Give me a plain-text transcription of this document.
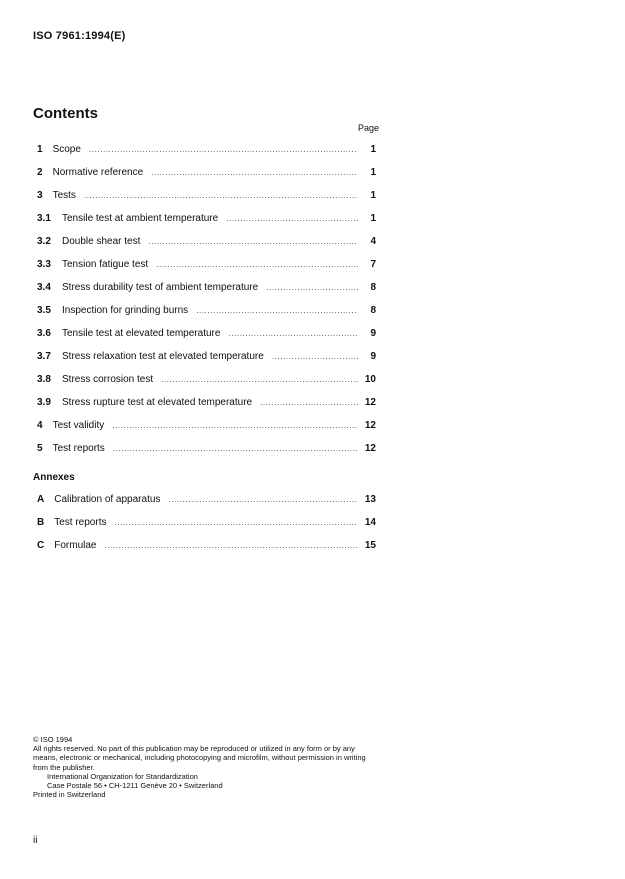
ISO 7961:1994(E)
Contents
Page
1	Scope .....	1
2	Normative reference .....	1
3	Tests .....	1
3.1	Tensile test at ambient temperature .....	1
3.2	Double shear test .....	4
3.3	Tension fatigue test .....	7
3.4	Stress durability test of ambient temperature .....	8
3.5	Inspection for grinding burns .....	8
3.6	Tensile test at elevated temperature .....	9
3.7	Stress relaxation test at elevated temperature .....	9
3.8	Stress corrosion test .....	10
3.9	Stress rupture test at elevated temperature .....	12
4	Test validity .....	12
5	Test reports .....	12
Annexes
A	Calibration of apparatus .....	13
B	Test reports .....	14
C	Formulae .....	15

© ISO 1994

All rights reserved. No part of this publication may be reproduced or utilized in any form or by any means, electronic or mechanical, including photocopying and microfilm, without permission in writing from the publisher.

International Organization for Standardization

Case Postale 56 • CH-1211 Genève 20 • Switzerland

Printed in Switzerland

ii
